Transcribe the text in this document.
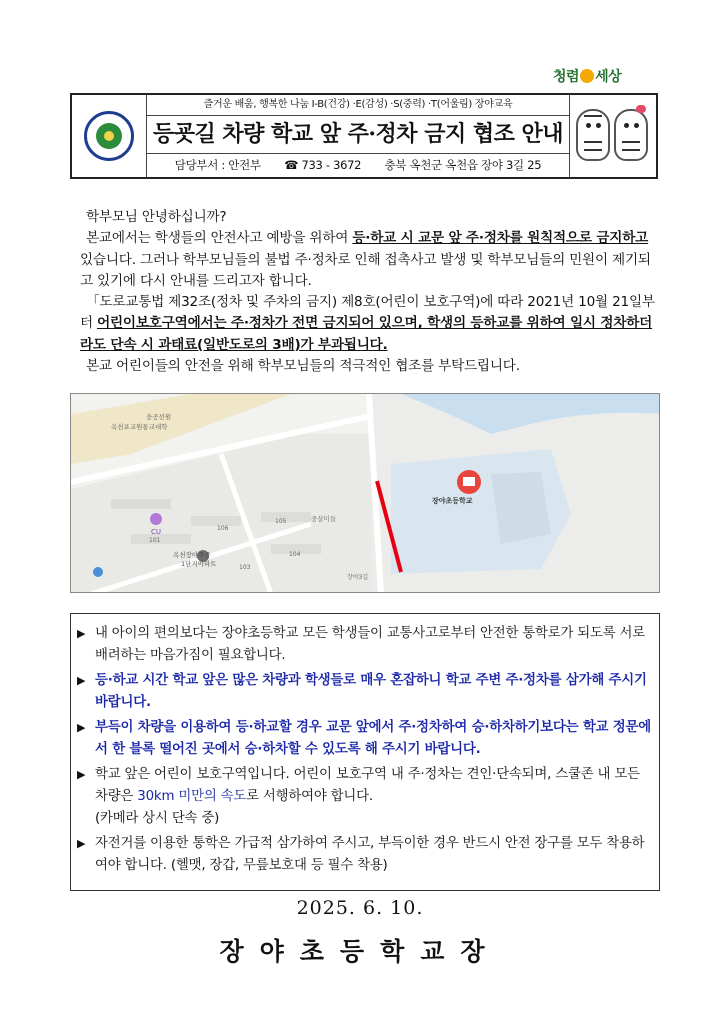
청렴 세상
즐거운 배움, 행복한 나눔 I-B(건강) ·E(감성) ·S(중력) ·T(어울림) 장야교육
등굣길 차량 학교 앞 주·정차 금지 협조 안내
담당부서 : 안전부 ☎ 733 - 3672 충북 옥천군 옥천읍 장야 3길 25

학부모님 안녕하십니까?

본교에서는 학생들의 안전사고 예방을 위하여 등·하교 시 교문 앞 주·정차를 원칙적으로 금지하고있습니다. 그러나 학부모님들의 불법 주·정차로 인해 접촉사고 발생 및 학부모님들의 민원이 제기되고 있기에 다시 안내를 드리고자 합니다.

「도로교통법 제32조(정차 및 주차의 금지) 제8호(어린이 보호구역)에 따라 2021년 10월 21일부터 어린이보호구역에서는 주·정차가 전면 금지되어 있으며, 학생의 등하교를 위하여 일시 정차하더라도 단속 시 과태료(일반도로의 3배)가 부과됩니다.

본교 어린이들의 안전을 위해 학부모님들의 적극적인 협조를 부탁드립니다.

장야초등학교
웅공선원
옥천포교원통교대학
CU
옥천장야주공
1단지아파트
중살미들
장야3길
106
105
101
103
104
▶ 내 아이의 편의보다는 장야초등학교 모든 학생들이 교통사고로부터 안전한 통학로가 되도록 서로 배려하는 마음가짐이 필요합니다.
▶ 등·하교 시간 학교 앞은 많은 차량과 학생들로 매우 혼잡하니 학교 주변 주·정차를 삼가해 주시기 바랍니다.
▶ 부득이 차량을 이용하여 등·하교할 경우 교문 앞에서 주·정차하여 승·하차하기보다는 학교 정문에서 한 블록 떨어진 곳에서 승·하차할 수 있도록 해 주시기 바랍니다.
▶ 학교 앞은 어린이 보호구역입니다. 어린이 보호구역 내 주·정차는 견인·단속되며, 스쿨존 내 모든 차량은 30km 미만의 속도로 서행하여야 합니다.
(카메라 상시 단속 중)
▶ 자전거를 이용한 통학은 가급적 삼가하여 주시고, 부득이한 경우 반드시 안전 장구를 모두 착용하여야 합니다. (헬맷, 장갑, 무릎보호대 등 필수 착용)
2025. 6. 10.
장야초등학교장
